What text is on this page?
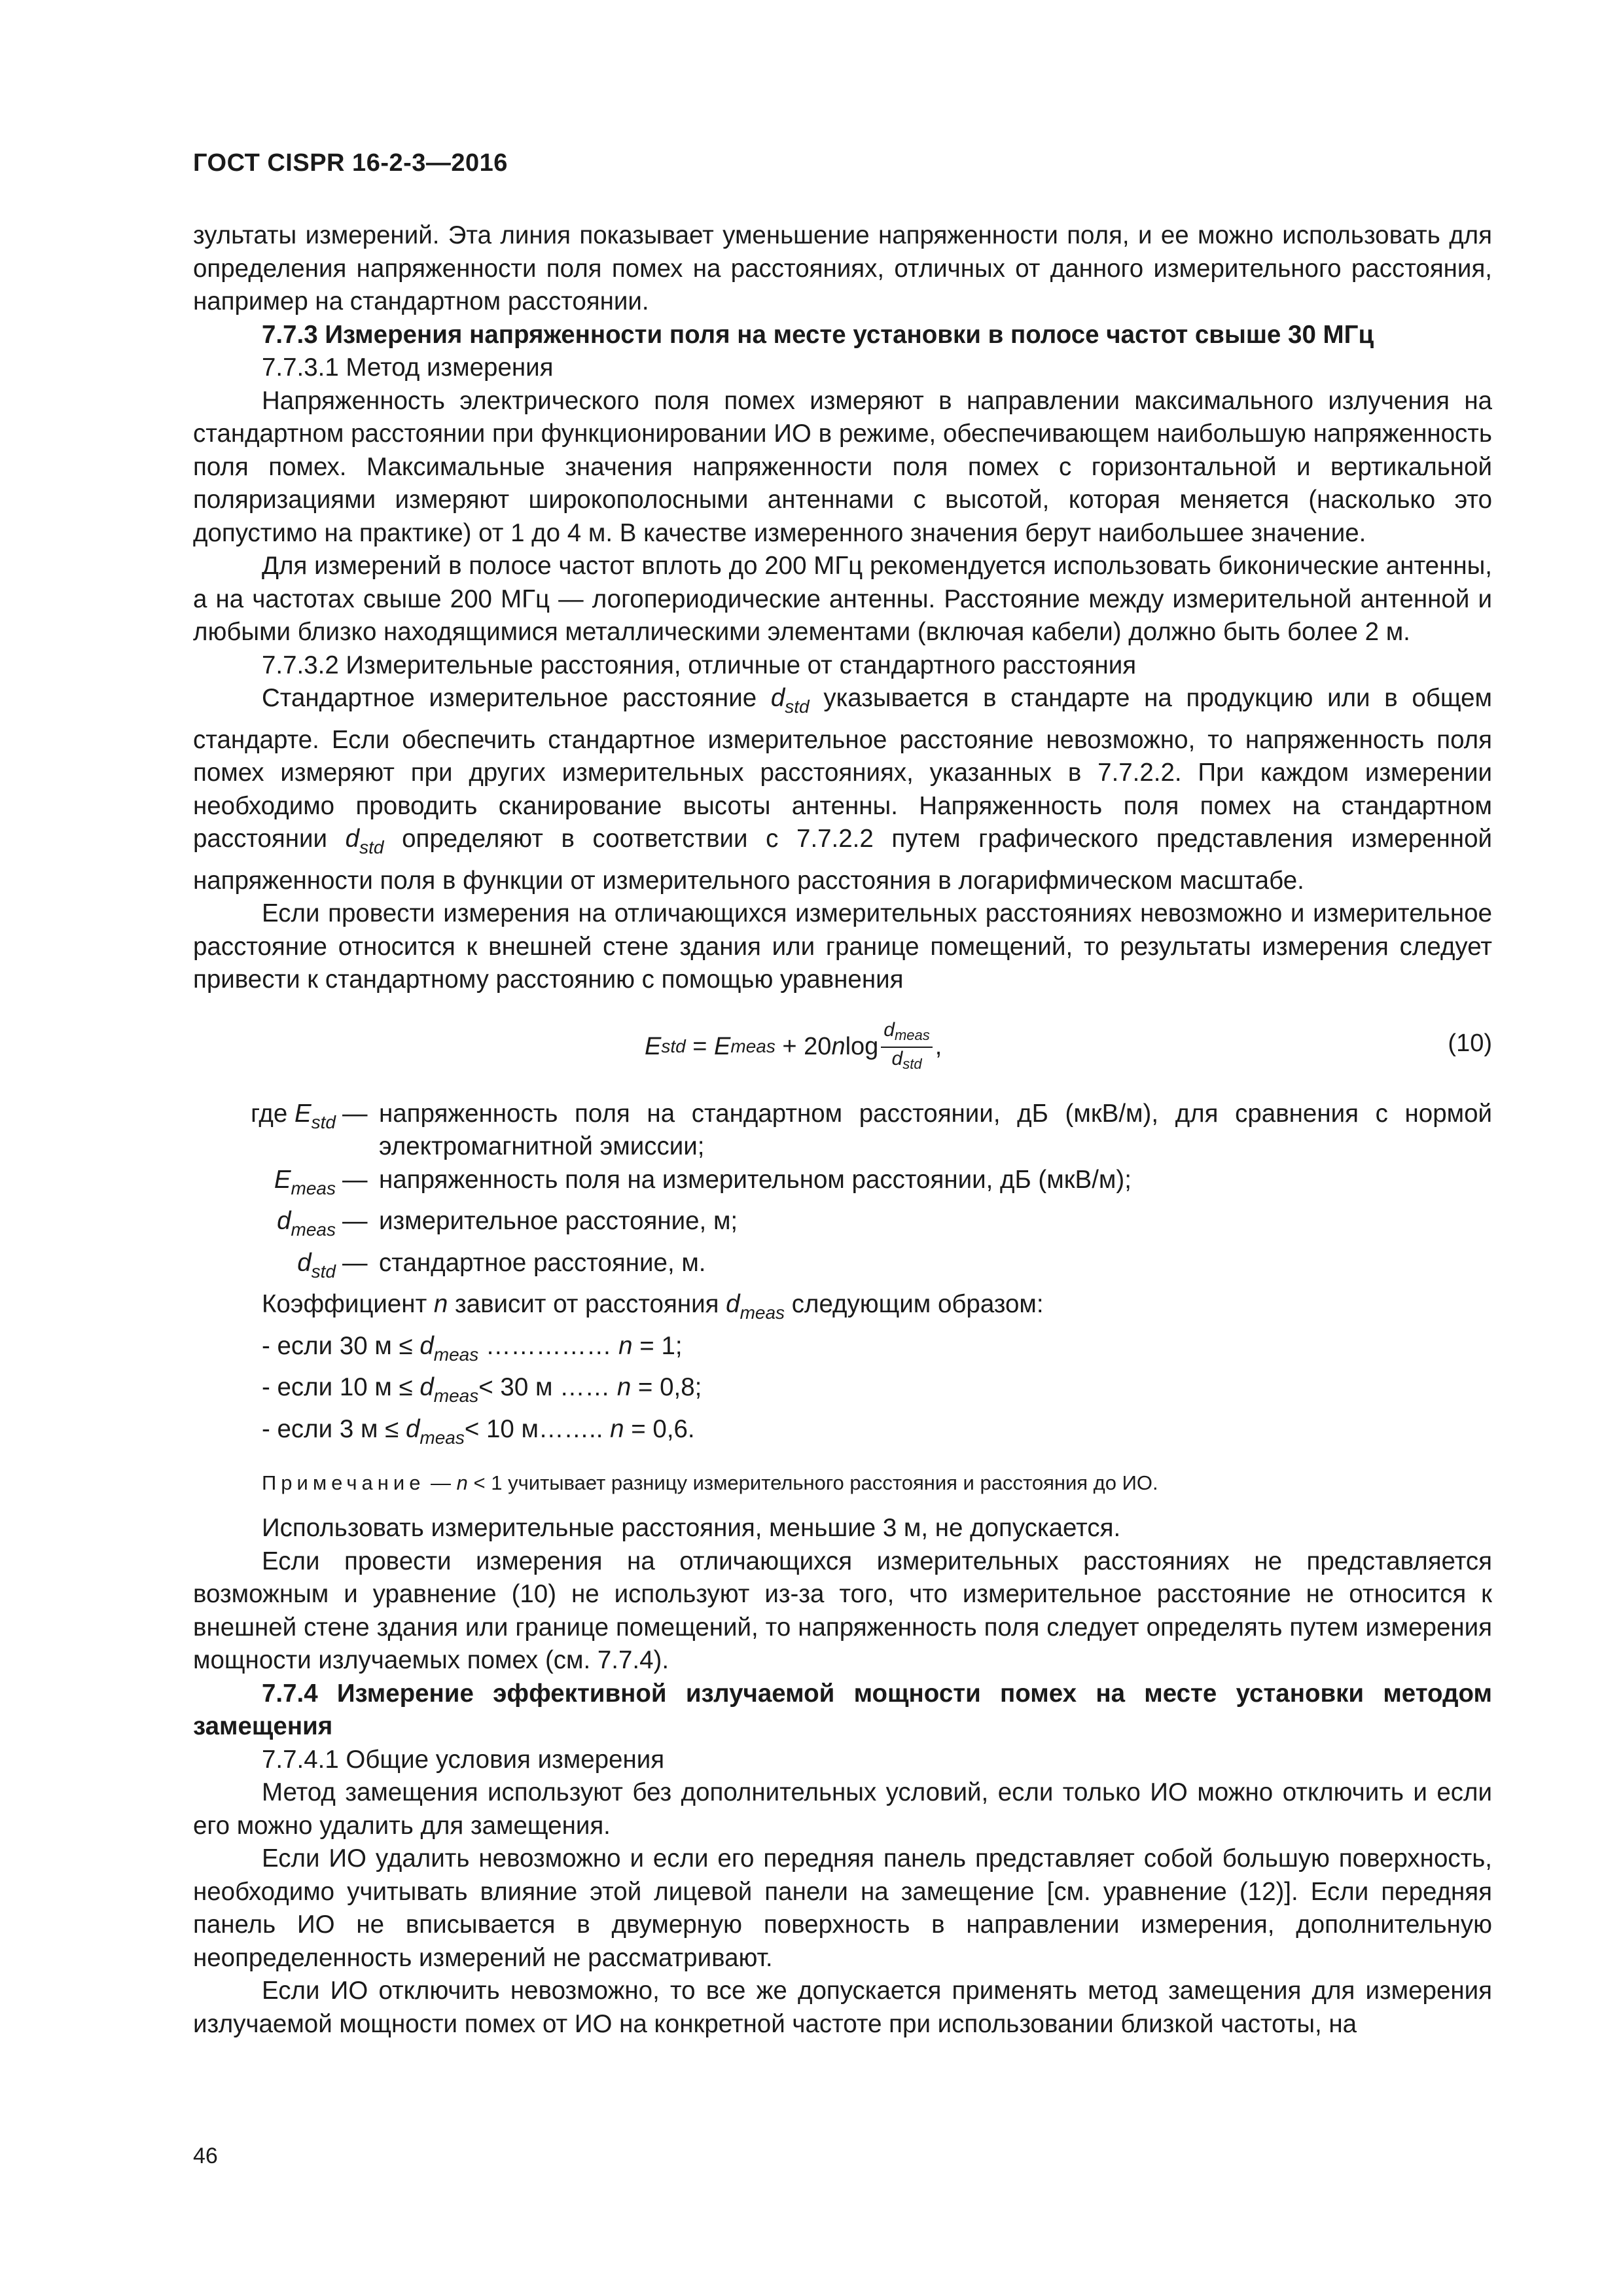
ГОСТ CISPR 16-2-3—2016

зультаты измерений. Эта линия показывает уменьшение напряженности поля, и ее можно использовать для определения напряженности поля помех на расстояниях, отличных от данного измерительного расстояния, например на стандартном расстоянии.

7.7.3 Измерения напряженности поля на месте установки в полосе частот свыше 30 МГц

7.7.3.1 Метод измерения

Напряженность электрического поля помех измеряют в направлении максимального излучения на стандартном расстоянии при функционировании ИО в режиме, обеспечивающем наибольшую напряженность поля помех. Максимальные значения напряженности поля помех с горизонтальной и вертикальной поляризациями измеряют широкополосными антеннами с высотой, которая меняется (насколько это допустимо на практике) от 1 до 4 м. В качестве измеренного значения берут наибольшее значение.

Для измерений в полосе частот вплоть до 200 МГц рекомендуется использовать биконические антенны, а на частотах свыше 200 МГц — логопериодические антенны. Расстояние между измерительной антенной и любыми близко находящимися металлическими элементами (включая кабели) должно быть более 2 м.

7.7.3.2 Измерительные расстояния, отличные от стандартного расстояния

Стандартное измерительное расстояние $d_{std}$ указывается в стандарте на продукцию или в общем стандарте. Если обеспечить стандартное измерительное расстояние невозможно, то напряженность поля помех измеряют при других измерительных расстояниях, указанных в 7.7.2.2. При каждом измерении необходимо проводить сканирование высоты антенны. Напряженность поля помех на стандартном расстоянии $d_{std}$ определяют в соответствии с 7.7.2.2 путем графического представления измеренной напряженности поля в функции от измерительного расстояния в логарифмическом масштабе.

Если провести измерения на отличающихся измерительных расстояниях невозможно и измерительное расстояние относится к внешней стене здания или границе помещений, то результаты измерения следует привести к стандартному расстоянию с помощью уравнения

E std = E meas + 20 n $\log \frac{d_{meas}}{d_{std}}$ ,	(10)
где $E_{std}$ — напряженность поля на стандартном расстоянии, дБ (мкВ/м), для сравнения с нормой электромагнитной эмиссии;
$E_{meas}$ — напряженность поля на измерительном расстоянии, дБ (мкВ/м);
$d_{meas}$ — измерительное расстояние, м;
$d_{std}$ — стандартное расстояние, м.
Коэффициент n зависит от расстояния $d_{meas}$ следующим образом:
- если 30 $м \le d_{meas}$ …………… n = 1;
- если 10 $м \le d_{meas}< 30$ м …… n = 0,8;
- если 3 $м \le d_{meas}< 10$ м…….. n = 0,6.
Примечание — n < 1 учитывает разницу измерительного расстояния и расстояния до ИО.

Использовать измерительные расстояния, меньшие 3 м, не допускается.

Если провести измерения на отличающихся измерительных расстояниях не представляется возможным и уравнение (10) не используют из-за того, что измерительное расстояние не относится к внешней стене здания или границе помещений, то напряженность поля следует определять путем измерения мощности излучаемых помех (см. 7.7.4).

7.7.4 Измерение эффективной излучаемой мощности помех на месте установки методом замещения

7.7.4.1 Общие условия измерения

Метод замещения используют без дополнительных условий, если только ИО можно отключить и если его можно удалить для замещения.

Если ИО удалить невозможно и если его передняя панель представляет собой большую поверхность, необходимо учитывать влияние этой лицевой панели на замещение [см. уравнение (12)]. Если передняя панель ИО не вписывается в двумерную поверхность в направлении измерения, дополнительную неопределенность измерений не рассматривают.

Если ИО отключить невозможно, то все же допускается применять метод замещения для измерения излучаемой мощности помех от ИО на конкретной частоте при использовании близкой частоты, на

46
